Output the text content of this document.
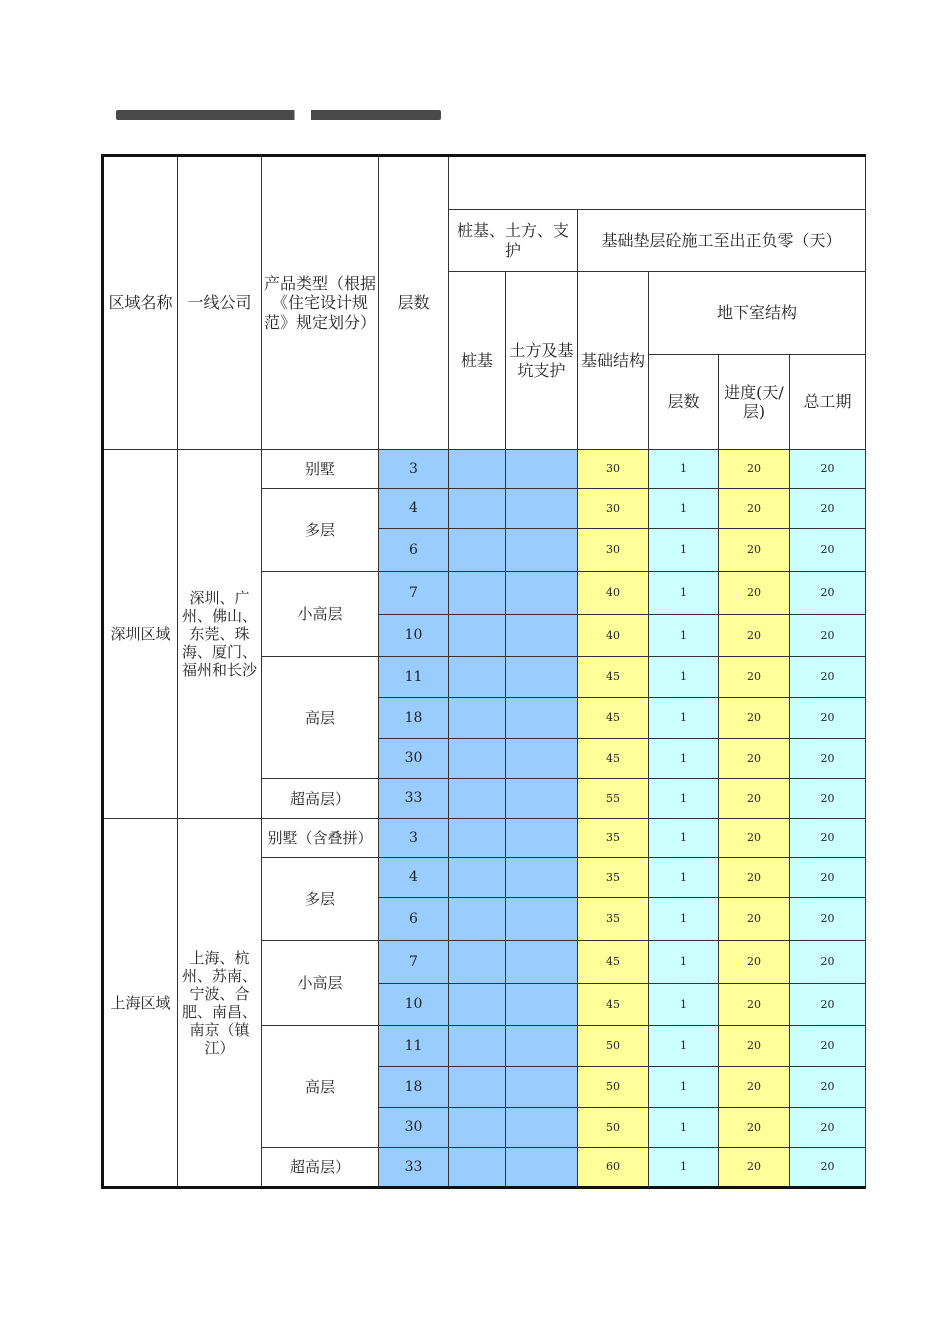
区域名称	一线公司	产品类型（根据《住宅设计规范》规定划分）	层数						
				桩基、土方、支护		基础垫层砼施工至出正负零（天）			
				桩基	土方及基坑支护	基础结构	地下室结构		
							层数	进度(天/层)	总工期
深圳区域	深圳、广州、佛山、东莞、珠海、厦门、福州和长沙	别墅	3			30	1	20	20
		多层	4			30	1	20	20
			6			30	1	20	20
		小高层	7			40	1	20	20
			10			40	1	20	20
		高层	11			45	1	20	20
			18			45	1	20	20
			30			45	1	20	20
		超高层）	33			55	1	20	20
上海区域	上海、杭州、苏南、宁波、合肥、南昌、南京（镇江）	别墅（含叠拼）	3			35	1	20	20
		多层	4			35	1	20	20
			6			35	1	20	20
		小高层	7			45	1	20	20
			10			45	1	20	20
		高层	11			50	1	20	20
			18			50	1	20	20
			30			50	1	20	20
		超高层）	33			60	1	20	20
